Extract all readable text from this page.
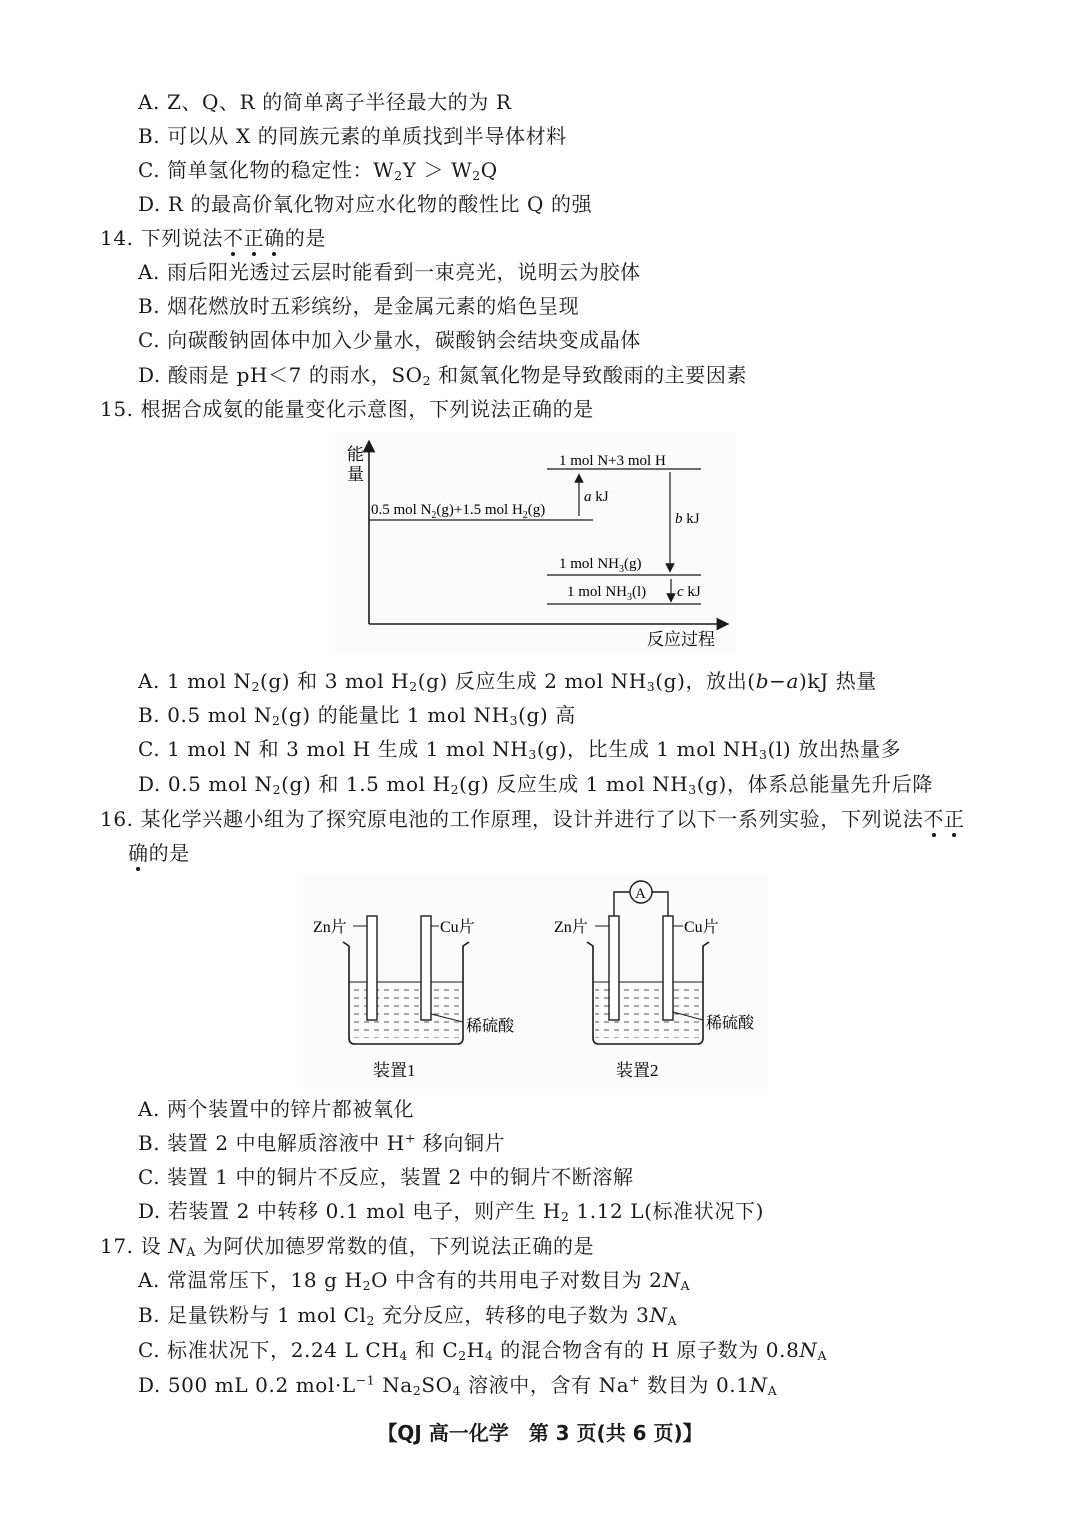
A. Z、Q、R 的简单离子半径最大的为 R
B. 可以从 X 的同族元素的单质找到半导体材料
C. 简单氢化物的稳定性：$W_2Y > W_2Q$
D. R 的最高价氧化物对应水化物的酸性比 Q 的强
14. 下列说法不正确的是
A. 雨后阳光透过云层时能看到一束亮光，说明云为胶体
B. 烟花燃放时五彩缤纷，是金属元素的焰色呈现
C. 向碳酸钠固体中加入少量水，碳酸钠会结块变成晶体
D. 酸雨是 pH＜7 的雨水，$SO_2$ 和氮氧化物是导致酸雨的主要因素
15. 根据合成氨的能量变化示意图，下列说法正确的是
能
量
反应过程
1 mol N+3 mol H
0.5 mol $N_2(g)+1.5$ mol $H_2(g)$
1 mol $NH_3(g)$
1 mol $NH_3(l)$
a kJ
b kJ
c kJ
A. 1 mol $N_2(g)$ 和 3 mol $H_2(g)$ 反应生成 2 mol $NH_3(g)$，放出(b−a)kJ 热量
B. 0.5 mol $N_2(g)$ 的能量比 1 mol $NH_3(g)$ 高
C. 1 mol N 和 3 mol H 生成 1 mol $NH_3(g)$，比生成 1 mol $NH_3(l)$ 放出热量多
D. 0.5 mol $N_2(g)$ 和 1.5 mol $H_2(g)$ 反应生成 1 mol $NH_3(g)$，体系总能量先升后降
16. 某化学兴趣小组为了探究原电池的工作原理，设计并进行了以下一系列实验，下列说法不正
确的是
Zn片	Cu片
稀硫酸
装置1
A
Zn片	Cu片
稀硫酸
装置2
A. 两个装置中的锌片都被氧化
B. 装置 2 中电解质溶液中 H+ 移向铜片
C. 装置 1 中的铜片不反应，装置 2 中的铜片不断溶解
D. 若装置 2 中转移 0.1 mol 电子，则产生 $H_2$ 1.12 L(标准状况下)
17. 设 $N_A$ 为阿伏加德罗常数的值，下列说法正确的是
A. 常温常压下，18 g $H_2O$ 中含有的共用电子对数目为 $2N_A$
B. 足量铁粉与 1 mol $Cl_2$ 充分反应，转移的电子数为 $3N_A$
C. 标准状况下，2.24 L $CH_4$ 和 $C_2H_4$ 的混合物含有的 H 原子数为 $0.8N_A$
D. 500 mL 0.2 $mol\cdot L^{-1}$ $Na_2SO_4$ 溶液中，含有 Na+ 数目为 $0.1N_A$
【QJ 高一化学　第 3 页(共 6 页)】
